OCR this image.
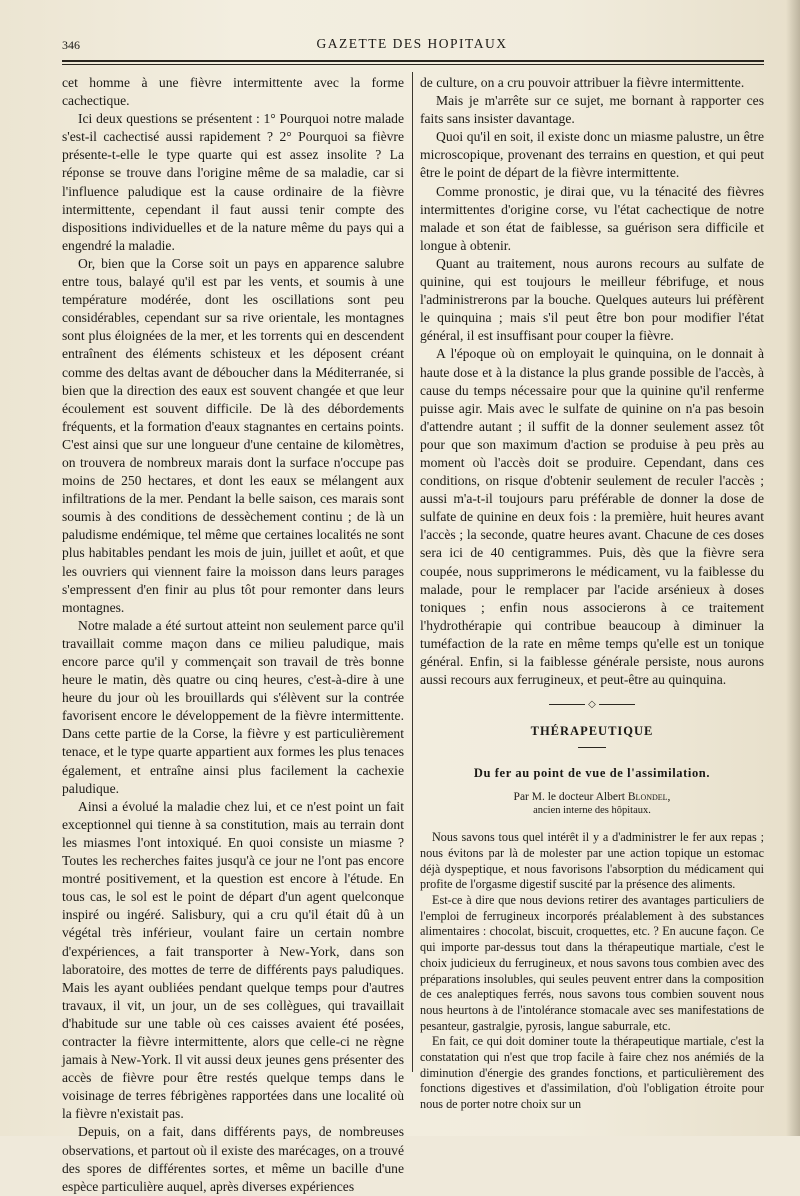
346	GAZETTE DES HOPITAUX

cet homme à une fièvre intermittente avec la forme cachectique.

Ici deux questions se présentent : 1° Pourquoi notre malade s'est-il cachectisé aussi rapidement ? 2° Pourquoi sa fièvre présente-t-elle le type quarte qui est assez insolite ? La réponse se trouve dans l'origine même de sa maladie, car si l'influence paludique est la cause ordinaire de la fièvre intermittente, cependant il faut aussi tenir compte des dispositions individuelles et de la nature même du pays qui a engendré la maladie.

Or, bien que la Corse soit un pays en apparence salubre entre tous, balayé qu'il est par les vents, et soumis à une température modérée, dont les oscillations sont peu considérables, cependant sur sa rive orientale, les montagnes sont plus éloignées de la mer, et les torrents qui en descendent entraînent des éléments schisteux et les déposent créant comme des deltas avant de déboucher dans la Méditerranée, si bien que la direction des eaux est souvent changée et que leur écoulement est souvent difficile. De là des débordements fréquents, et la formation d'eaux stagnantes en certains points. C'est ainsi que sur une longueur d'une centaine de kilomètres, on trouvera de nombreux marais dont la surface n'occupe pas moins de 250 hectares, et dont les eaux se mélangent aux infiltrations de la mer. Pendant la belle saison, ces marais sont soumis à des conditions de dessèchement continu ; de là un paludisme endémique, tel même que certaines localités ne sont plus habitables pendant les mois de juin, juillet et août, et que les ouvriers qui viennent faire la moisson dans leurs parages s'empressent d'en finir au plus tôt pour remonter dans leurs montagnes.

Notre malade a été surtout atteint non seulement parce qu'il travaillait comme maçon dans ce milieu paludique, mais encore parce qu'il y commençait son travail de très bonne heure le matin, dès quatre ou cinq heures, c'est-à-dire à une heure du jour où les brouillards qui s'élèvent sur la contrée favorisent encore le développement de la fièvre intermittente. Dans cette partie de la Corse, la fièvre y est particulièrement tenace, et le type quarte appartient aux formes les plus tenaces également, et entraîne ainsi plus facilement la cachexie paludique.

Ainsi a évolué la maladie chez lui, et ce n'est point un fait exceptionnel qui tienne à sa constitution, mais au terrain dont les miasmes l'ont intoxiqué. En quoi consiste un miasme ? Toutes les recherches faites jusqu'à ce jour ne l'ont pas encore montré positivement, et la question est encore à l'étude. En tous cas, le sol est le point de départ d'un agent quelconque inspiré ou ingéré. Salisbury, qui a cru qu'il était dû à un végétal très inférieur, voulant faire un certain nombre d'expériences, a fait transporter à New-York, dans son laboratoire, des mottes de terre de différents pays paludiques. Mais les ayant oubliées pendant quelque temps pour d'autres travaux, il vit, un jour, un de ses collègues, qui travaillait d'habitude sur une table où ces caisses avaient été posées, contracter la fièvre intermittente, alors que celle-ci ne règne jamais à New-York. Il vit aussi deux jeunes gens présenter des accès de fièvre pour être restés quelque temps dans le voisinage de terres fébrigènes rapportées dans une localité où la fièvre n'existait pas.

Depuis, on a fait, dans différents pays, de nombreuses observations, et partout où il existe des marécages, on a trouvé des spores de différentes sortes, et même un bacille d'une espèce particulière auquel, après diverses expériences

de culture, on a cru pouvoir attribuer la fièvre intermittente.

Mais je m'arrête sur ce sujet, me bornant à rapporter ces faits sans insister davantage.

Quoi qu'il en soit, il existe donc un miasme palustre, un être microscopique, provenant des terrains en question, et qui peut être le point de départ de la fièvre intermittente.

Comme pronostic, je dirai que, vu la ténacité des fièvres intermittentes d'origine corse, vu l'état cachectique de notre malade et son état de faiblesse, sa guérison sera difficile et longue à obtenir.

Quant au traitement, nous aurons recours au sulfate de quinine, qui est toujours le meilleur fébrifuge, et nous l'administrerons par la bouche. Quelques auteurs lui préfèrent le quinquina ; mais s'il peut être bon pour modifier l'état général, il est insuffisant pour couper la fièvre.

A l'époque où on employait le quinquina, on le donnait à haute dose et à la distance la plus grande possible de l'accès, à cause du temps nécessaire pour que la quinine qu'il renferme puisse agir. Mais avec le sulfate de quinine on n'a pas besoin d'attendre autant ; il suffit de la donner seulement assez tôt pour que son maximum d'action se produise à peu près au moment où l'accès doit se produire. Cependant, dans ces conditions, on risque d'obtenir seulement de reculer l'accès ; aussi m'a-t-il toujours paru préférable de donner la dose de sulfate de quinine en deux fois : la première, huit heures avant l'accès ; la seconde, quatre heures avant. Chacune de ces doses sera ici de 40 centigrammes. Puis, dès que la fièvre sera coupée, nous supprimerons le médicament, vu la faiblesse du malade, pour le remplacer par l'acide arsénieux à doses toniques ; enfin nous associerons à ce traitement l'hydrothérapie qui contribue beaucoup à diminuer la tuméfaction de la rate en même temps qu'elle est un tonique général. Enfin, si la faiblesse générale persiste, nous aurons aussi recours aux ferrugineux, et peut-être au quinquina.

◇
THÉRAPEUTIQUE
Du fer au point de vue de l'assimilation.
Par M. le docteur Albert Blondel,
ancien interne des hôpitaux.

Nous savons tous quel intérêt il y a d'administrer le fer aux repas ; nous évitons par là de molester par une action topique un estomac déjà dyspeptique, et nous favorisons l'absorption du médicament qui profite de l'orgasme digestif suscité par la présence des aliments.

Est-ce à dire que nous devions retirer des avantages particuliers de l'emploi de ferrugineux incorporés préalablement à des substances alimentaires : chocolat, biscuit, croquettes, etc. ? En aucune façon. Ce qui importe par-dessus tout dans la thérapeutique martiale, c'est le choix judicieux du ferrugineux, et nous savons tous combien avec des préparations insolubles, qui seules peuvent entrer dans la composition de ces analeptiques ferrés, nous savons tous combien souvent nous nous heurtons à de l'intolérance stomacale avec ses manifestations de pesanteur, gastralgie, pyrosis, langue saburrale, etc.

En fait, ce qui doit dominer toute la thérapeutique martiale, c'est la constatation qui n'est que trop facile à faire chez nos anémiés de la diminution d'énergie des grandes fonctions, et particulièrement des fonctions digestives et d'assimilation, d'où l'obligation étroite pour nous de porter notre choix sur un
